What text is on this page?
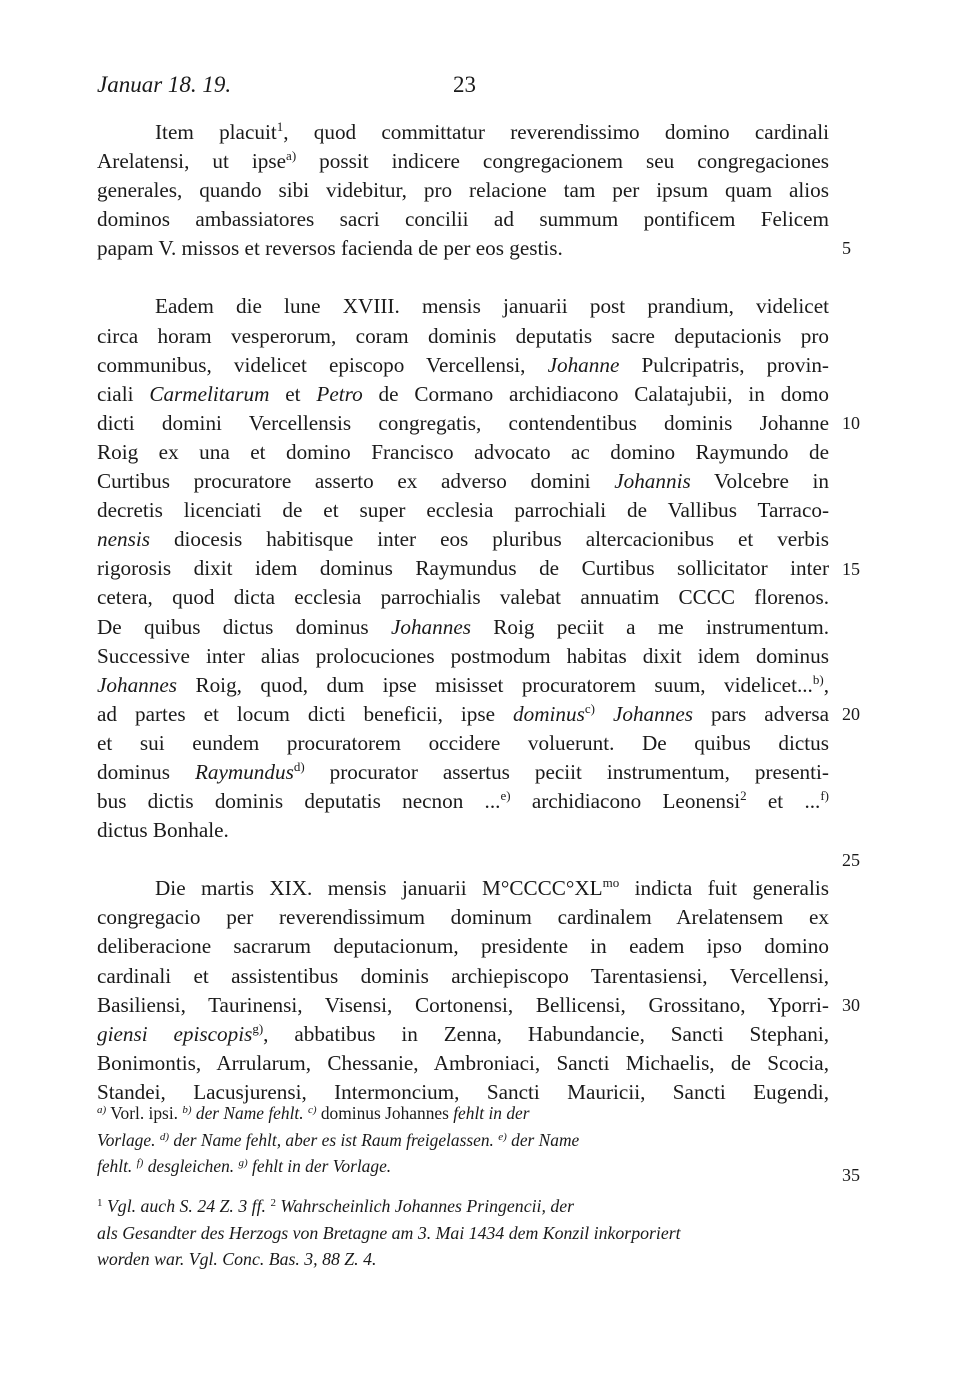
Januar 18. 19.	23
Item placuit$^1$, quod committatur reverendissimo domino cardinali
Arelatensi, ut ipse$^{a)}$ possit indicere congregacionem seu congregaciones
generales, quando sibi videbitur, pro relacione tam per ipsum quam alios
dominos ambassiatores sacri concilii ad summum pontificem Felicem
papam V. missos et reversos facienda de per eos gestis.
Eadem die lune XVIII. mensis januarii post prandium, videlicet
circa horam vesperorum, coram dominis deputatis sacre deputacionis pro
communibus, videlicet episcopo Vercellensi, Johanne Pulcripatris, provin-
ciali Carmelitarum et Petro de Cormano archidiacono Calatajubii, in domo
dicti domini Vercellensis congregatis, contendentibus dominis Johanne
Roig ex una et domino Francisco advocato ac domino Raymundo de
Curtibus procuratore asserto ex adverso domini Johannis Volcebre in
decretis licenciati de et super ecclesia parrochiali de Vallibus Tarraco-
nensis diocesis habitisque inter eos pluribus altercacionibus et verbis
rigorosis dixit idem dominus Raymundus de Curtibus sollicitator inter
cetera, quod dicta ecclesia parrochialis valebat annuatim CCCC florenos.
De quibus dictus dominus Johannes Roig peciit a me instrumentum.
Successive inter alias prolocuciones postmodum habitas dixit idem dominus
Johannes Roig, quod, dum ipse misisset procuratorem suum, videlicet...$^{b)}$,
ad partes et locum dicti beneficii, ipse dominus$^{c)}$ Johannes pars adversa
et sui eundem procuratorem occidere voluerunt. De quibus dictus
dominus Raymundus$^{d)}$ procurator assertus peciit instrumentum, presenti-
bus dictis dominis deputatis necnon ...$^{e)}$ archidiacono Leonensi$^2$ et ...$^{f)}$
dictus Bonhale.
Die martis XIX. mensis januarii $M^\circ CCCC^\circ XL^{mo}$ indicta fuit generalis
congregacio per reverendissimum dominum cardinalem Arelatensem ex
deliberacione sacrarum deputacionum, presidente in eadem ipso domino
cardinali et assistentibus dominis archiepiscopo Tarentasiensi, Vercellensi,
Basiliensi, Taurinensi, Visensi, Cortonensi, Bellicensi, Grossitano, Yporri-
giensi episcopis$^{g)}$, abbatibus in Zenna, Habundancie, Sancti Stephani,
Bonimontis, Arrularum, Chessanie, Ambroniaci, Sancti Michaelis, de Scocia,
Standei, Lacusjurensi, Intermoncium, Sancti Mauricii, Sancti Eugendi,
5
10
15
20
25
30
35
$^{a)}$ Vorl. ipsi. $^{b)}$ der Name fehlt. $^{c)}$ dominus Johannes fehlt in der
Vorlage. $^{d)}$ der Name fehlt, aber es ist Raum freigelassen. $^{e)}$ der Name
fehlt. $^{f)}$ desgleichen. $^{g)}$ fehlt in der Vorlage.
$^1$ Vgl. auch S. 24 Z. 3 ff. $^2$ Wahrscheinlich Johannes Pringencii, der
als Gesandter des Herzogs von Bretagne am 3. Mai 1434 dem Konzil inkorporiert
worden war. Vgl. Conc. Bas. 3, 88 Z. 4.
